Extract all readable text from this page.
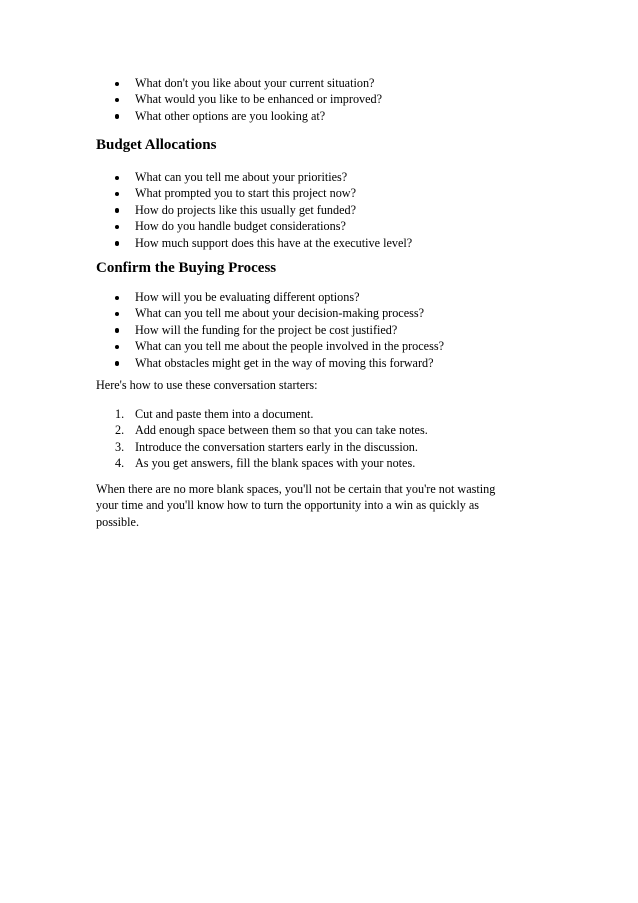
What don't you like about your current situation?
What would you like to be enhanced or improved?
What other options are you looking at?
Budget Allocations
What can you tell me about your priorities?
What prompted you to start this project now?
How do projects like this usually get funded?
How do you handle budget considerations?
How much support does this have at the executive level?
Confirm the Buying Process
How will you be evaluating different options?
What can you tell me about your decision-making process?
How will the funding for the project be cost justified?
What can you tell me about the people involved in the process?
What obstacles might get in the way of moving this forward?

Here's how to use these conversation starters:

1. Cut and paste them into a document.
2. Add enough space between them so that you can take notes.
3. Introduce the conversation starters early in the discussion.
4. As you get answers, fill the blank spaces with your notes.

When there are no more blank spaces, you'll not be certain that you're not wasting
your time and you'll know how to turn the opportunity into a win as quickly as
possible.
